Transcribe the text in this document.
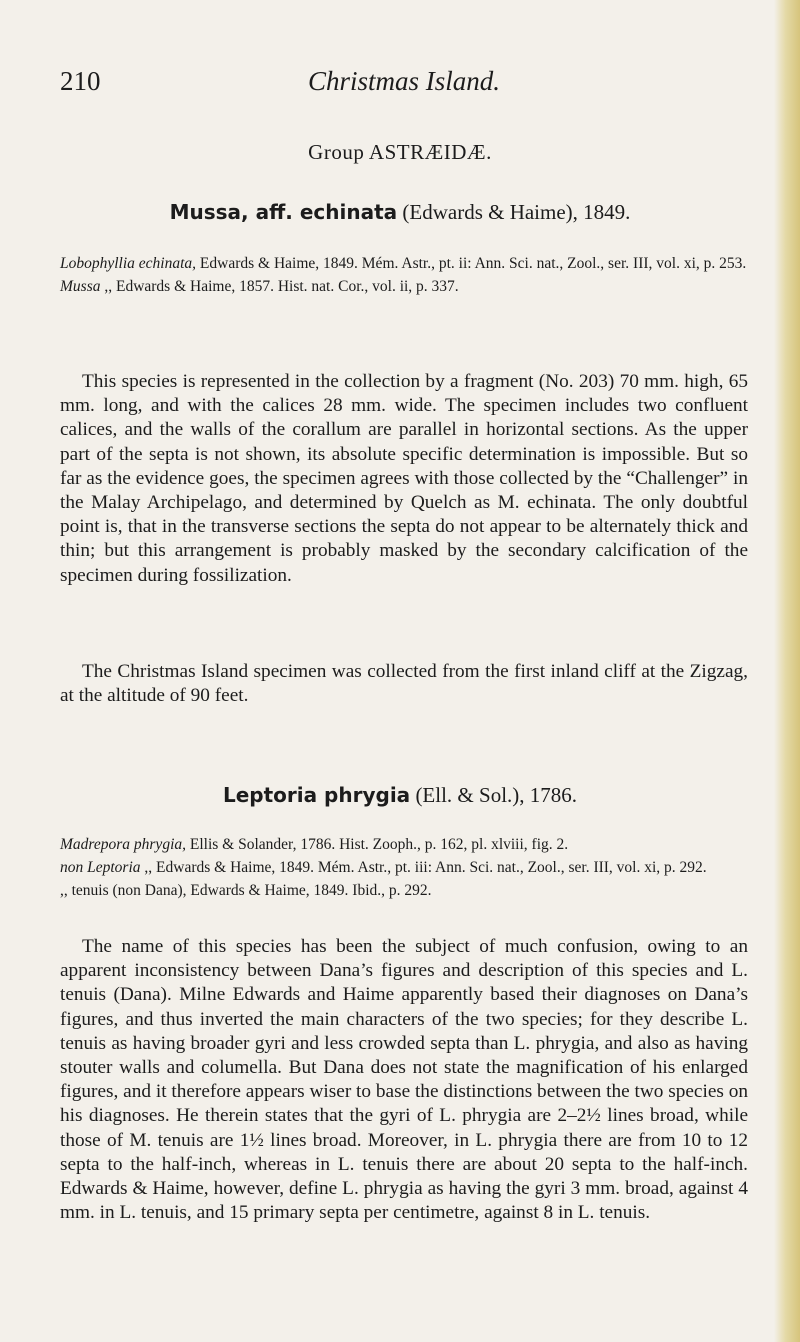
210	Christmas Island.
Group ASTRÆIDÆ.
Mussa, aff. echinata (Edwards & Haime), 1849.

Lobophyllia echinata, Edwards & Haime, 1849. Mém. Astr., pt. ii: Ann. Sci. nat., Zool., ser. III, vol. xi, p. 253.

Mussa ,, Edwards & Haime, 1857. Hist. nat. Cor., vol. ii, p. 337.

This species is represented in the collection by a fragment (No. 203) 70 mm. high, 65 mm. long, and with the calices 28 mm. wide. The specimen includes two confluent calices, and the walls of the corallum are parallel in horizontal sections. As the upper part of the septa is not shown, its absolute specific determination is impossible. But so far as the evidence goes, the specimen agrees with those collected by the “Challenger” in the Malay Archipelago, and determined by Quelch as M. echinata. The only doubtful point is, that in the transverse sections the septa do not appear to be alternately thick and thin; but this arrangement is probably masked by the secondary calcification of the specimen during fossilization.

The Christmas Island specimen was collected from the first inland cliff at the Zigzag, at the altitude of 90 feet.

Leptoria phrygia (Ell. & Sol.), 1786.

Madrepora phrygia, Ellis & Solander, 1786. Hist. Zooph., p. 162, pl. xlviii, fig. 2.

non Leptoria ,, Edwards & Haime, 1849. Mém. Astr., pt. iii: Ann. Sci. nat., Zool., ser. III, vol. xi, p. 292.

,, tenuis (non Dana), Edwards & Haime, 1849. Ibid., p. 292.

The name of this species has been the subject of much confusion, owing to an apparent inconsistency between Dana’s figures and description of this species and L. tenuis (Dana). Milne Edwards and Haime apparently based their diagnoses on Dana’s figures, and thus inverted the main characters of the two species; for they describe L. tenuis as having broader gyri and less crowded septa than L. phrygia, and also as having stouter walls and columella. But Dana does not state the magnification of his enlarged figures, and it therefore appears wiser to base the distinctions between the two species on his diagnoses. He therein states that the gyri of L. phrygia are 2–2½ lines broad, while those of M. tenuis are 1½ lines broad. Moreover, in L. phrygia there are from 10 to 12 septa to the half-inch, whereas in L. tenuis there are about 20 septa to the half-inch. Edwards & Haime, however, define L. phrygia as having the gyri 3 mm. broad, against 4 mm. in L. tenuis, and 15 primary septa per centimetre, against 8 in L. tenuis.
